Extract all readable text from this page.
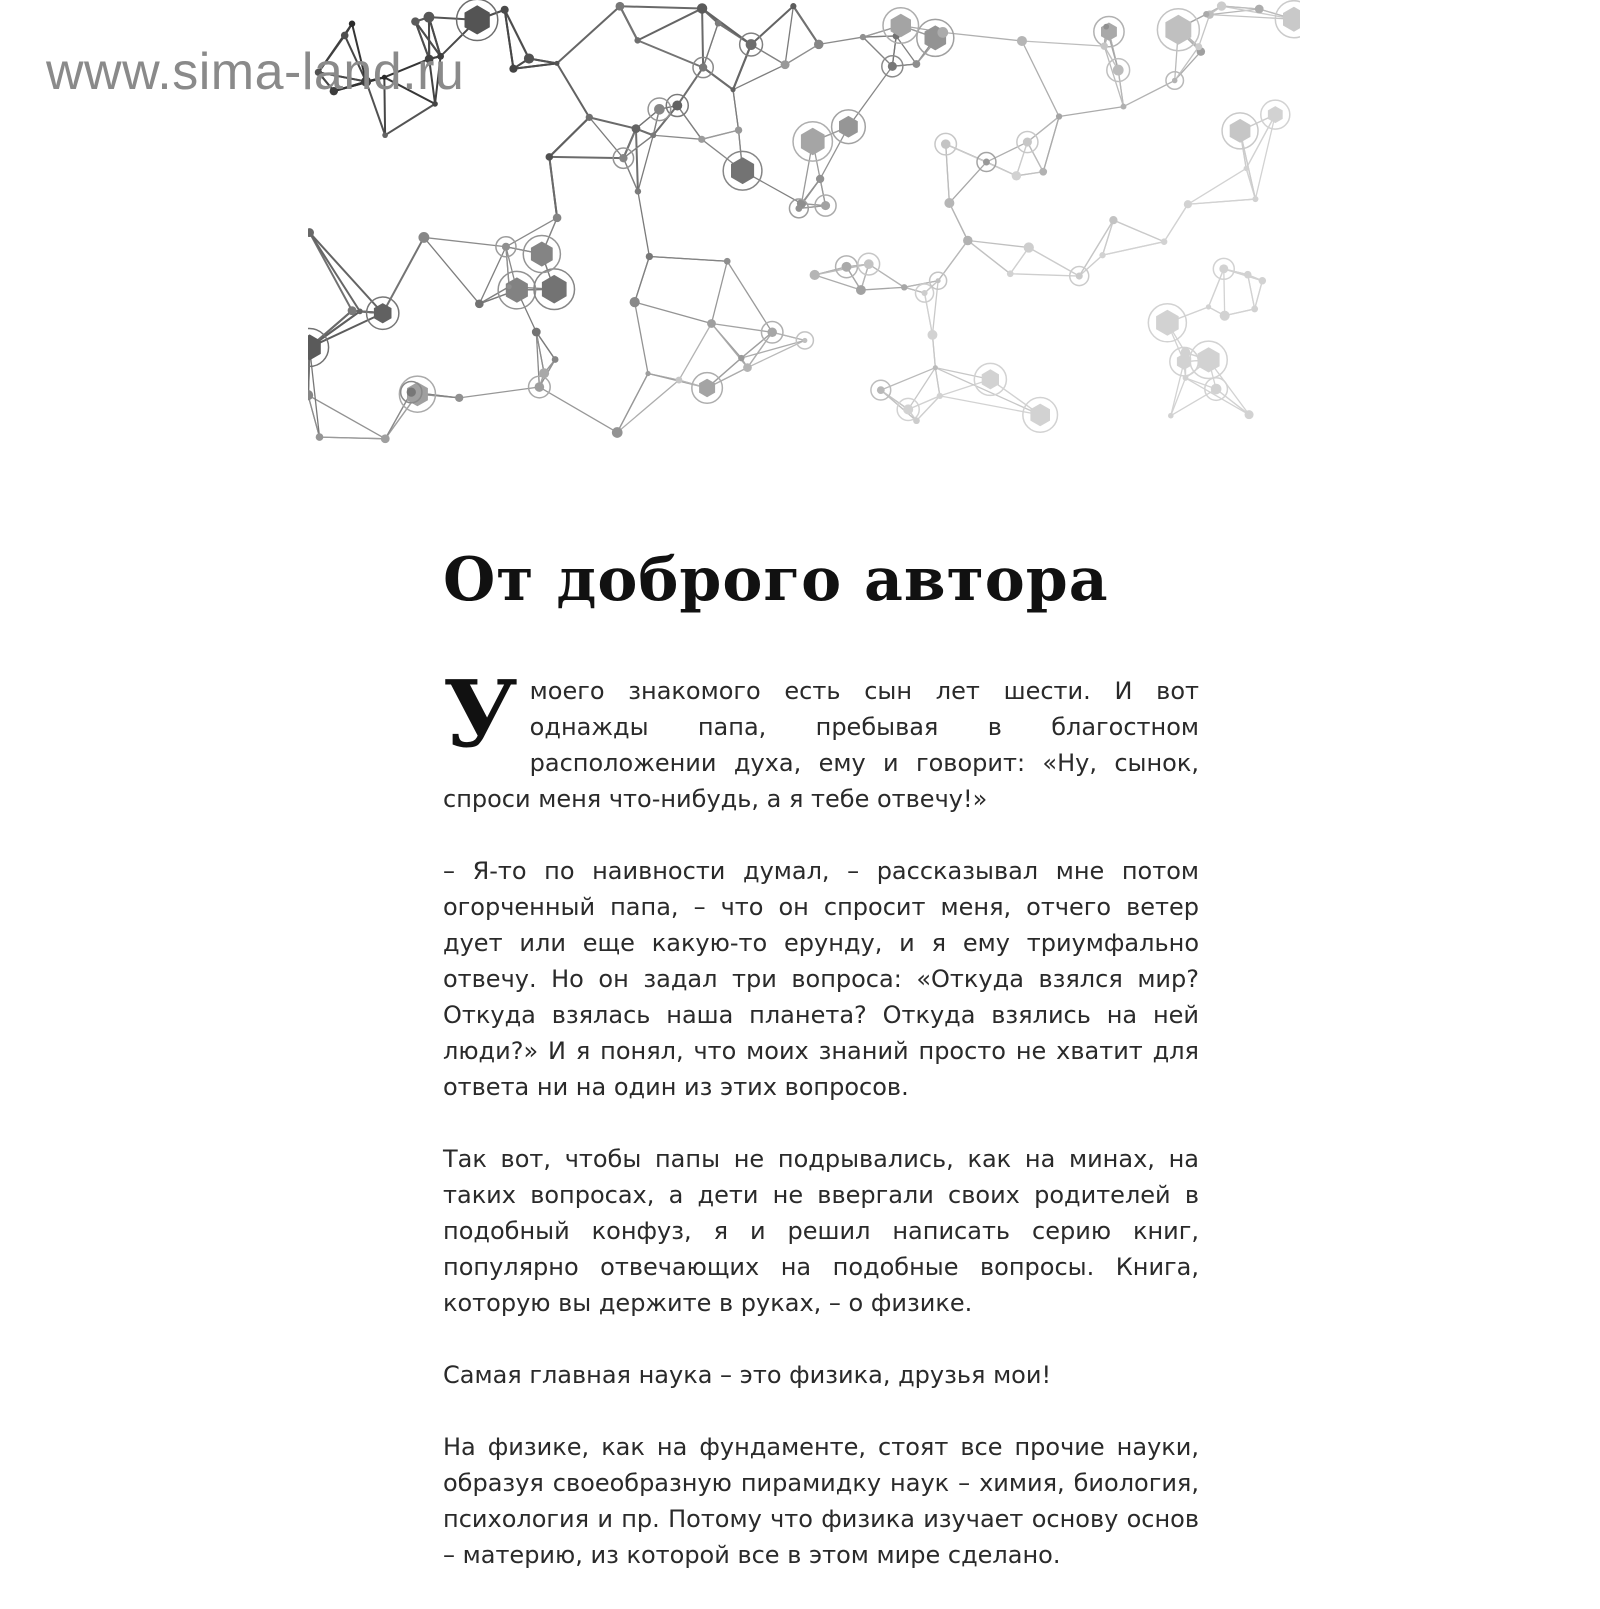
www.sima-land.ru
От доброго автора

Умоего знакомого есть сын лет шести. И вот однажды папа, пребывая в благостном расположении духа, ему и говорит: «Ну, сынок, спроси меня что-нибудь, а я тебе отвечу!»

– Я-то по наивности думал, – рассказывал мне потом огорченный папа, – что он спросит меня, отчего ветер дует или еще какую-то ерунду, и я ему триумфально отвечу. Но он задал три вопроса: «Откуда взялся мир? Откуда взялась наша планета? Откуда взялись на ней люди?» И я понял, что моих знаний просто не хватит для ответа ни на один из этих вопросов.

Так вот, чтобы папы не подрывались, как на минах, на таких вопросах, а дети не ввергали своих родителей в подобный конфуз, я и решил написать серию книг, популярно отвечающих на подобные вопросы. Книга, которую вы держите в руках, – о физике.

Самая главная наука – это физика, друзья мои!

На физике, как на фундаменте, стоят все прочие науки, образуя своеобразную пирамидку наук – химия, биология, психология и пр. Потому что физика изучает основу основ – материю, из которой все в этом мире сделано.
